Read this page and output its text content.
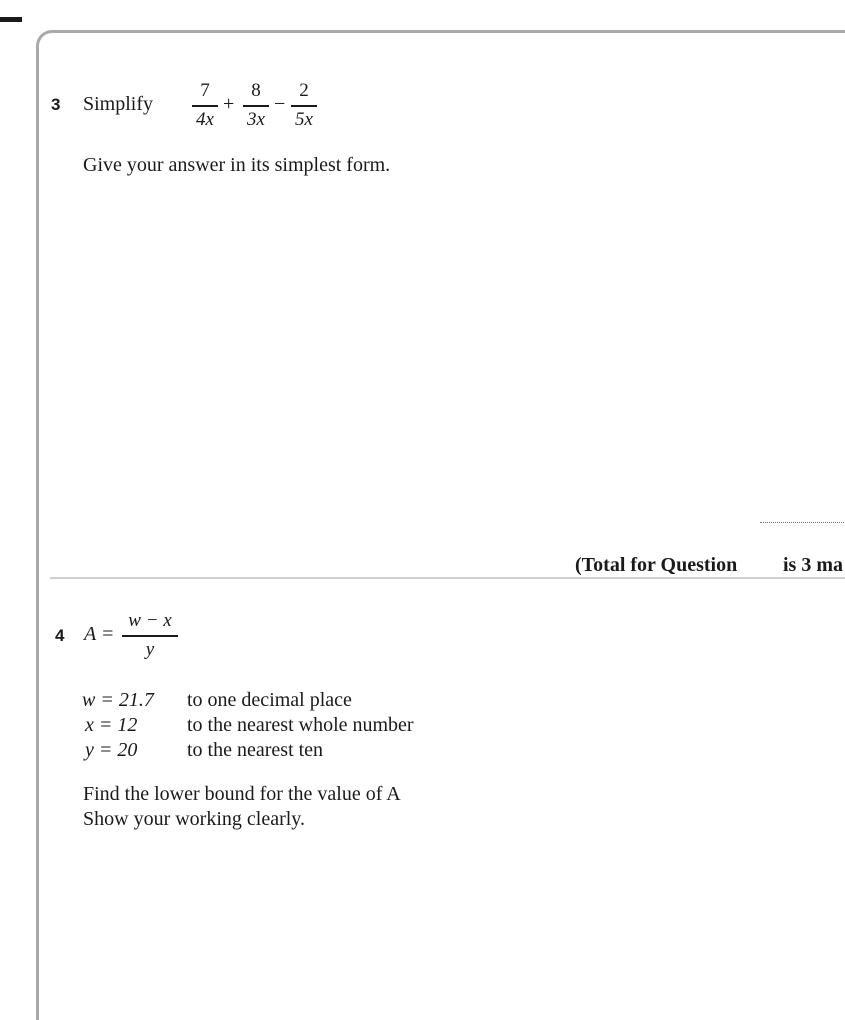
3 Simplify
7
4x
+
8
3x
−
2
5x
Give your answer in its simplest form.
(Total for Question is 3 ma
4 A =
w − x
y
w = 21.7 to one decimal place
x = 12 to the nearest whole number
y = 20 to the nearest ten
Find the lower bound for the value of A
Show your working clearly.
